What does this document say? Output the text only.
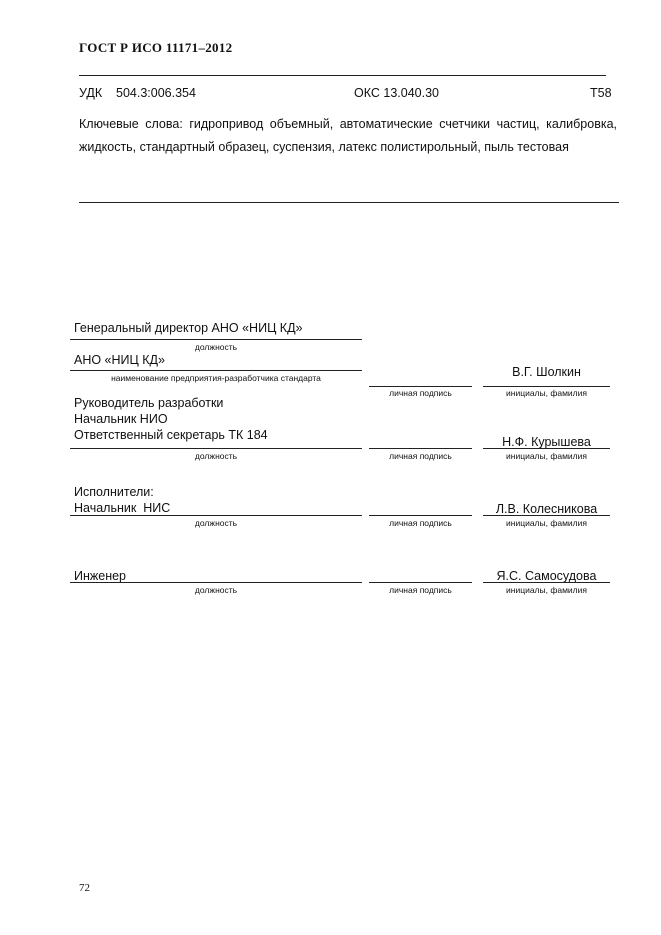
ГОСТ Р ИСО 11171–2012
УДК    504.3:006.354	ОКС 13.040.30	Т58
Ключевые слова: гидропривод объемный, автоматические счетчики частиц, калибровка, жидкость, стандартный образец, суспензия, латекс полистирольный, пыль тестовая
Генеральный директор АНО «НИЦ КД»
должность
АНО «НИЦ КД»
наименование предприятия-разработчика стандарта
личная подпись
В.Г. Шолкин
инициалы, фамилия
Руководитель разработки
Начальник НИО
Ответственный секретарь ТК 184
должность	личная подпись
Н.Ф. Курышева
инициалы, фамилия
Исполнители:
Начальник  НИС
должность	личная подпись
Л.В. Колесникова
инициалы, фамилия
Инженер
должность	личная подпись
Я.С. Самосудова
инициалы, фамилия
72
